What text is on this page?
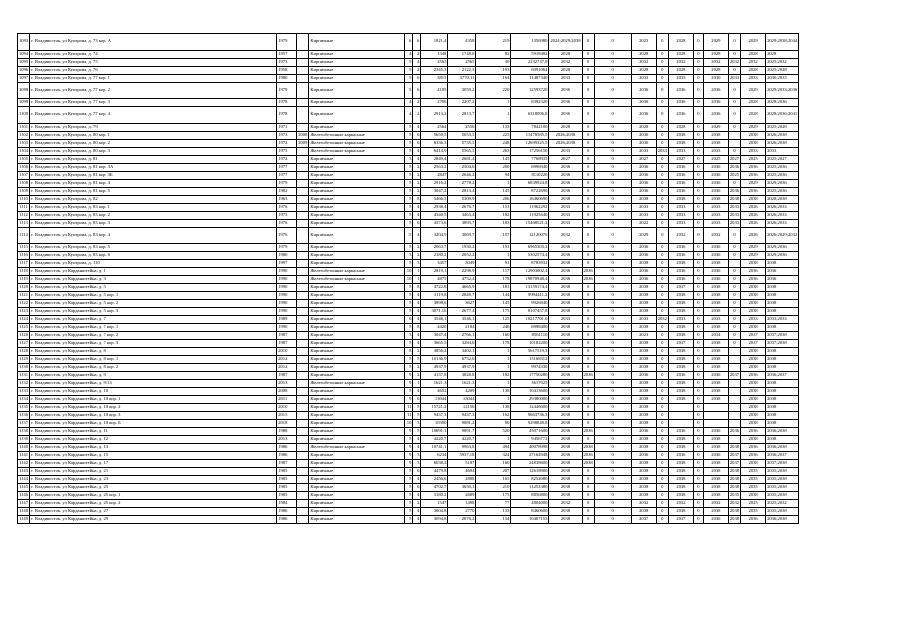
1093	г. Владивосток, ул Купэрова, д. 73 кор. А	1979		Кирпичные	6	6	1821,4	4358	219	1356980	2024;2029;2038	0	0	2023	0	2028	0	2029	0	2029	2029;2038;2044
1094	г. Владивосток, ул Купэрова, д. 74	1957		Кирпичные	4	2	1348	1748,6	82	5918482	2028	0	0	2028	0	2028	0	2028	0	2028	2028
1095	г. Владивосток, ул Купэрова, д. 75	1973		Кирпичные	5	4	2565	2565	30	2232737,8	2032	0	0	2032	0	2032	0	2032	2032	2032	2025;2032
1096	г. Владивосток, ул Купэрова, д. 76	1958		Кирпичные	5	2	2345,3	2122,3	193	6091064	2028	0	0	2028	0	2028	0	2028	0	2028	2025;2028
1097	г. Владивосток, ул Купэрова, д. 77 кор. 1	1980		Кирпичные	5	6	3815	3770,11	164	11487340	2033	0	0	2033	0	2033	0	2030	2033	2033	2030;2033
1098	г. Владивосток, ул Купэрова, д. 77 кор. 2	1979		Кирпичные	5	6	4185	3059,2	220	12593720	2036	0	0	2036	0	2036	0	2036	0	2029	2029;2033;2036
1099	г. Владивосток, ул Купэрова, д. 77 кор. 3	1978		Кирпичные	4	2	2796	2207,2	1	8392320	2036	0	0	2036	0	2036	0	2036	0	2028	2028;2036
1100	г. Владивосток, ул Купэрова, д. 77 кор. 4	1978		Кирпичные	4	2	2913,2	2813,7	1	6318096,8	2036	0	0	2036	0	2036	0	2036	0	2028	2028;2036;2041
1101	г. Владивосток, ул Купэрова, д. 79	1971		Кирпичные	5	4	2564	2556	133	7842100	2028	0	0	2028	0	2028	0	2029	0	2029	2025;2028
1102	г. Владивосток, ул Купэрова, д. 80 кор. 1	1973	2008	Железобетонные каркасные	5	6	5659,5	5053,5	225	11478585,5	2026;2038	0	0	2030	0	2038	0	2038		2038	2026;2038
1103	г. Владивосток, ул Купэрова, д. 80 кор. 2	1972	2009	Железобетонные каркасные	5	6	6336,3	5735,5	248	12699325,5	2026;2038	0	0	2030	0	2038	0	2038		2038	2026;2038
1104	г. Владивосток, ул Купэрова, д. 80 кор. 3	1975		Железобетонные каркасные	5	4	6414,9	5565,5	263	17256150	2033	0	0	2033	2033	2033	0	2033	0	2033	2033
1105	г. Владивосток, ул Купэрова, д. 81	1972		Кирпичные	3	4	2849,4	2681,4	145	7768935	2027	0	0	2027	0	2027	0	2025	2027	2025	2025;2027
1106	г. Владивосток, ул Купэрова, д. 81 кор. 3А	1977		Кирпичные	5	2	2563,2	2504,6	200	6996940	2036	0	0	2036	0	2036	0	2036	2036	2036	2025;2036
1107	г. Владивосток, ул Купэрова, д. 81 кор. 3Б	1977		Кирпичные	5	2	2847	2646,2	94	8110220	2036	0	0	2036	0	2036	0	2036	2025	2036	2025;2036
1108	г. Владивосток, ул Купэрова, д. 81 кор. 4	1979		Кирпичные	5	2	2916,2	2778,2	1	6839924,8	2036	0	0	2036	0	2036	0	2036	0	2029	2029;2036
1109	г. Владивосток, ул Купэрова, д. 81 кор. 5	1982		Кирпичные	5	2	3047,2	2813,4	145	8722696	2036	0	0	2036	0	2036	0	2036	2036	2036	2025;2036
1110	г. Владивосток, ул Купэрова, д. 82	1963		Кирпичные	5	8	5466,5	5309,9	206	16460690	2038	0	0	2038	0	2038	0	2038	2038	2038	2028;2038
1111	г. Владивосток, ул Купэрова, д. 83 кор. 1	1976		Кирпичные	5	4	2938,4	2676,7	151	11962292	2033	0	0	2033	0	2033	0	2033	2033	2026	2026;2033
1112	г. Владивосток, ул Купэрова, д. 83 кор. 2	1975		Кирпичные	5	4	4340,5	3463,4	182	11925640	2033	0	0	2033	0	2033	0	2033	2033	2026	2026;2033
1113	г. Владивосток, ул Купэрова, д. 83 кор. 3	1976		Кирпичные	5	6	4373,6	3893,7	183	15468521,2	2033	0	0	2022	0	2033	0	2033	2033	2026	2026;2033
1114	г. Владивосток, ул Купэрова, д. 83 кор. 4	1976		Кирпичные	5	4	3204,9	3069,7	157	12120076	2032	0	0	2029	0	2032	0	2032	0	2026	2026;2029;2032
1115	г. Владивосток, ул Купэрова, д. 83 кор. 5	1979		Кирпичные	5	2	2063,7	1930,2	191	6965303,2	2036	0	0	2036	0	2036	0	2036	0	2029	2029;2036
1116	г. Владивосток, ул Купэрова, д. 83 кор. 6	1980		Кирпичные	3	2	2180,2	2052,2	1	5302574,4	2036	0	0	2036	0	2036	0	2036	0	2029	2029;2036
1117	г. Владивосток, ул Купэрова, д. 110	1997		Кирпичные	5	3	3457	3049	91	8783932	2038	0	0	2038	0	2038	0	2038		2038	2038
1118	г. Владивосток, ул Карданштейна, д. 1	1990		Железобетонные каркасные	10	1	2819,1	2298,9	117	12903002,4	2036	2036	0	2036	0	2036	0	2036	0	2036	2036
1119	г. Владивосток, ул Карданштейна, д. 3	1990		Железобетонные каркасные	10	1	4875	4752,4	178	19870948,4	2036	2036	0	2036	0	2036	0	2036	0	2036	2036
1120	г. Владивосток, ул Карданштейна, д. 5	1990		Кирпичные	5	8	4722,8	4665,9	181	13159174,4	2038	0	0	2038	0	2037	0	2038	0	2038	2038
1121	г. Владивосток, ул Карданштейна, д. 5 кор. 1	1990		Кирпичные	5	4	3119,8	2849,7	144	9994411,2	2038	0	0	2038	0	2038	0	2038	0	2038	2038
1122	г. Владивосток, ул Карданштейна, д. 5 кор. 2	1990		Кирпичные	5	4	3898,6	3627	145	9926840	2038	0	0	2038	0	2038	0	2038	0	2038	2038
1123	г. Владивосток, ул Карданштейна, д. 5 кор. 3	1990		Кирпичные	5	4	3071,16	2677,4	175	8107457,8	2038	0	0	2038	0	2038	0	2038	0	2038	2038
1124	г. Владивосток, ул Карданштейна, д. 7	1989		Кирпичные	6	4	3546,1	3546,1	125	10217701,6	2033	0	0	2033	2032	2033	0	2033	0	2033	2033;2033
1125	г. Владивосток, ул Карданштейна, д. 7 кор. 1	1990		Кирпичные	5	8	4420	2184	246	6998400	2038	0	0	2038	0	2038	0	2038	0	2038	2038
1126	г. Владивосток, ул Карданштейна, д. 7 кор. 2	1987		Кирпичные	3	4	3047,4	2766,1	160	8561110	2038	0	0	2023	0	2038	0	2034	0	2037	2037;2038
1127	г. Владивосток, ул Карданштейна, д. 7 кор. 3	1987		Кирпичные	5	4	3665,5	3284,6	178	10182200	2038	0	0	2038	0	2037	0	2038	0	2037	2037;2038
1128	г. Владивосток, ул Карданштейна, д. 8	2010		Кирпичные	8	2	3856,2	3402,1	1	5617519,3	2038	0	0	2038	0	2038	0	2038		2038	2038
1129	г. Владивосток, ул Карданштейна, д. 8 кор. 1	2012		Кирпичные	5	5	10136,9	6752,6	1	15168312	2038	0	0	2038	0	2038	0	2038		2038	2038
1130	г. Владивосток, ул Карданштейна, д. 8 кор. 2	2012		Кирпичные	5	2	4937,9	4937,9	1	9974336	2038	0	0	2038	0	2038	0	2038		2038	2038
1131	г. Владивосток, ул Карданштейна, д. 9	1987		Кирпичные	9	2	4137,8	3828,8	182	17750280	2036	2036	0	2036	0	2036	0	2036	2037	2036	2036;2037
1132	г. Владивосток, ул Карданштейна, д. 9/13	2013		Железобетонные каркасные	9	1	1621,3	1621,3	1	3617025	2038	0	0	2038	0	2038	0	2038		2038	2038
1133	г. Владивосток, ул Карданштейна, д. 10	2008		Кирпичные	5	4	4652	4209	138	10413600	2038	0	0	2038	0	2038	0	2038		2038	2038
1134	г. Владивосток, ул Карданштейна, д. 10 кор. 1	2011		Кирпичные	9	6	13044	13044	1	29380000	2038	0	0	2038	0	2038	0	2038		2038	2038
1135	г. Владивосток, ул Карданштейна, д. 10 кор. 2	2010		Кирпичные	11	5	15721,2	12156	138	12446600	2038	0	0	2038	0		0			2038	2038
1136	г. Владивосток, ул Карданштейна, д. 10 кор. 3	2015		Кирпичные	11	5	9437,3	9437,3	162	9663736,3	2038	0	0	2038	0		0			2038	2038
1137	г. Владивосток, ул Карданштейна, д. 10 кор. Б	2018		Кирпичные	10	3	10390	9081,2	90	9298848,8	2038	0	0	2038	0		0			2038	2038
1138	г. Владивосток, ул Карданштейна, д. 11	1988		Кирпичные	9	5	10691,1	9891,7	520	45071600	2036	2036	0	2036	0	2036	0	2036	2036	2036	2036;2038
1139	г. Владивосток, ул Карданштейна, д. 12	2013		Кирпичные	5	4	4220,7	4220,7	1	9456772	2038	0	0	2038	0	2038	0	2038		2038	2038
1140	г. Владивосток, ул Карданштейна, д. 13	1986		Железобетонные каркасные	9	4	10741,1	9963,8	494	40078998	2038	2038	0	2038	0	2038	0	2038	2038	2036	2036;2038
1141	г. Владивосток, ул Карданштейна, д. 15	1986		Кирпичные	9	3	6234	5937,18	324	27164948	2036	2036	0	2036	0	2036	0	2036	2037	2036	2036;2037
1142	г. Владивосток, ул Карданштейна, д. 17	1987		Кирпичные	9	3	6038,2	5187	160	24838600	2038	2038	0	2038	0	2038	0	2038	2037	2038	2037;2038
1143	г. Владивосток, ул Карданштейна, д. 21	1985		Кирпичные	5	6	4479,8	4694	207	12618900	2038	0	0	2038	0	2038	0	2038	2038	2035	2035;2038
1144	г. Владивосток, ул Карданштейна, д. 23	1985		Кирпичные	5	4	2456,6	2888	165	8252080	2038	0	0	2038	0	2038	0	2038	2038	2035	2035;2038
1145	г. Владивосток, ул Карданштейна, д. 25	1985		Кирпичные	5	6	4702,7	3650,1	210	11253380	2038	0	0	2038	0	2038	0	2038	2038	2035	2035;2038
1146	г. Владивосток, ул Карданштейна, д. 25 кор. 1	1985		Кирпичные	5	4	3180,2	2689	175	8856800	2038	0	0	2038	0	2038	0	2038	2035	2038	2035;2038
1147	г. Владивосток, ул Карданштейна, д. 25 кор. 2	1984		Кирпичные	5	2	1547	1498	77	4804000	2032	0	0	2032	0	2032	0	2032	2032	2025	2025;2032
1148	г. Владивосток, ул Карданштейна, д. 27	1986		Кирпичные	5	4	3004,8	2770	133	8460600	2038	0	0	2038	0	2038	0	2038	2038	2035	2035;2038
1149	г. Владивосток, ул Карданштейна, д. 29	1986		Кирпичные	5	4	3094,8	2876,2	134	10407153	2038	0	0	2037	0	2037	0	2036	2038	2036	2036;2038
